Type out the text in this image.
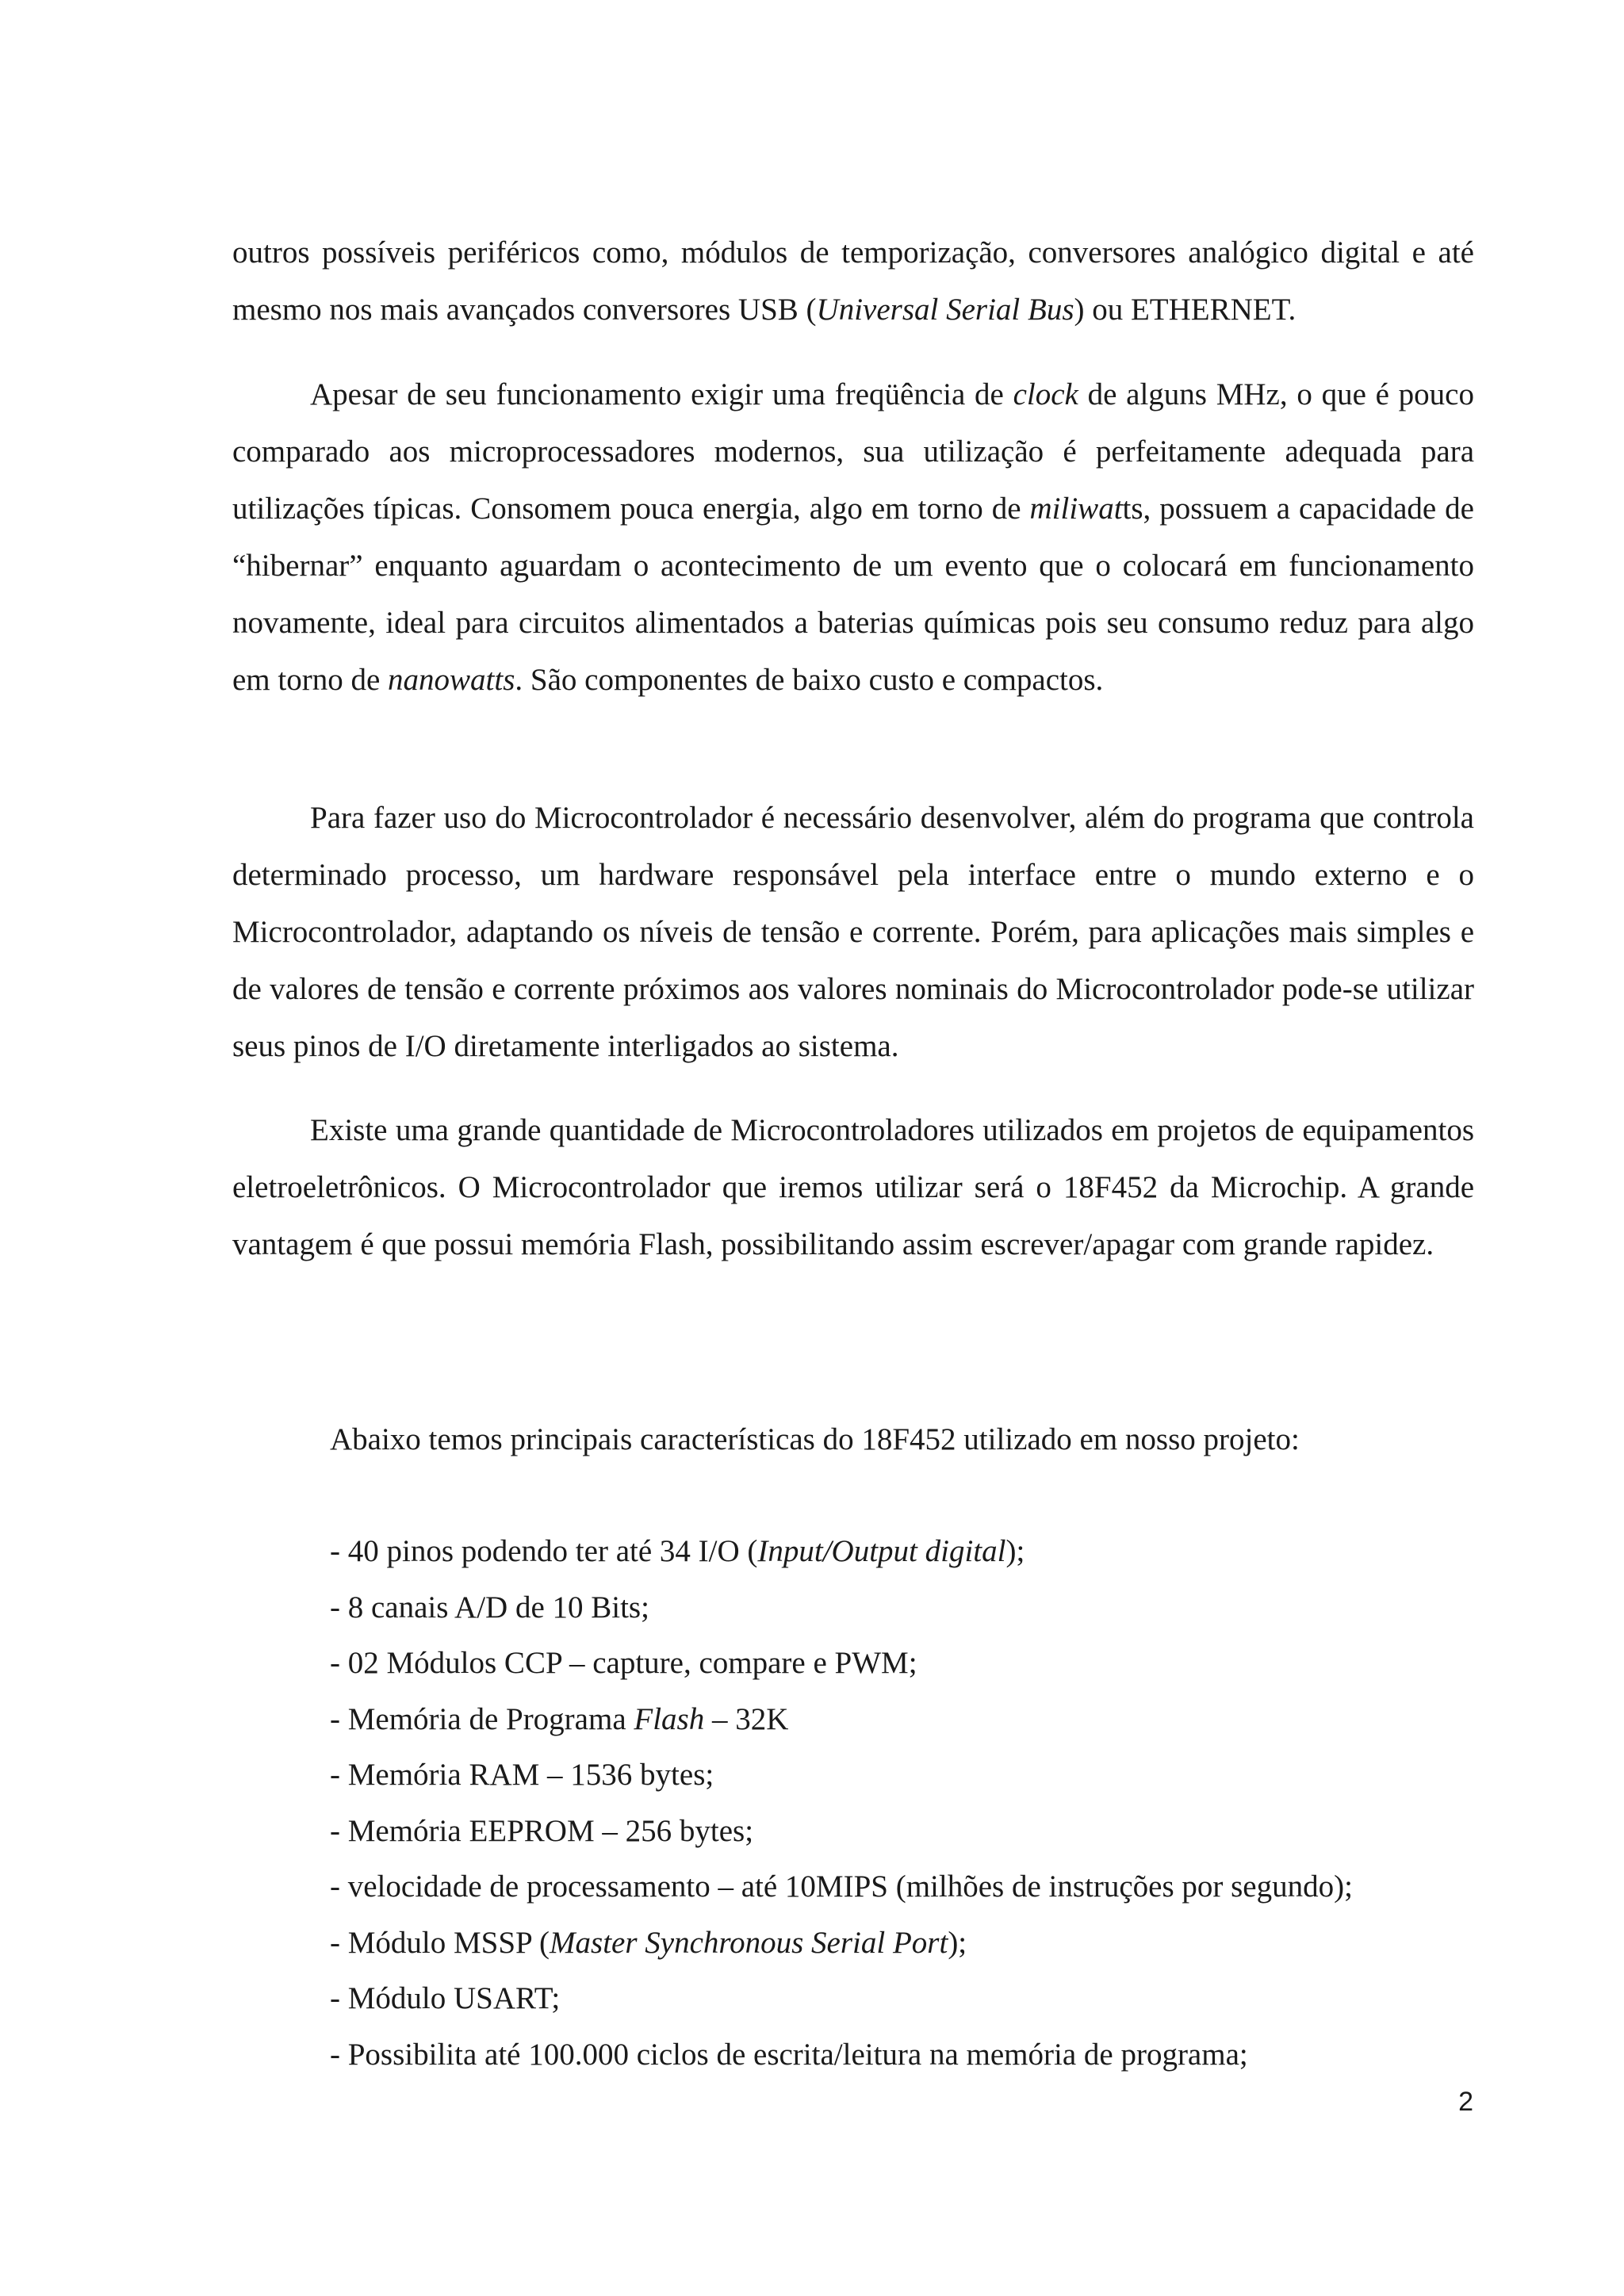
outros possíveis periféricos como, módulos de temporização, conversores analógico digital e até mesmo nos mais avançados conversores USB (Universal Serial Bus) ou ETHERNET.

Apesar de seu funcionamento exigir uma freqüência de clock de alguns MHz, o que é pouco comparado aos microprocessadores modernos, sua utilização é perfeitamente adequada para utilizações típicas. Consomem pouca energia, algo em torno de miliwatts, possuem a capacidade de “hibernar” enquanto aguardam o acontecimento de um evento que o colocará em funcionamento novamente, ideal para circuitos alimentados a baterias químicas pois seu consumo reduz para algo em torno de nanowatts. São componentes de baixo custo e compactos.

Para fazer uso do Microcontrolador é necessário desenvolver, além do programa que controla determinado processo, um hardware responsável pela interface entre o mundo externo e o Microcontrolador, adaptando os níveis de tensão e corrente. Porém, para aplicações mais simples e de valores de tensão e corrente próximos aos valores nominais do Microcontrolador pode-se utilizar seus pinos de I/O diretamente interligados ao sistema.

Existe uma grande quantidade de Microcontroladores utilizados em projetos de equipamentos eletroeletrônicos. O Microcontrolador que iremos utilizar será o 18F452 da Microchip. A grande vantagem é que possui memória Flash, possibilitando assim escrever/apagar com grande rapidez.

Abaixo temos principais características do 18F452 utilizado em nosso projeto:

- 40 pinos podendo ter até 34 I/O (Input/Output digital);
- 8 canais A/D de 10 Bits;
- 02 Módulos CCP – capture, compare e PWM;
- Memória de Programa Flash – 32K
- Memória RAM – 1536 bytes;
- Memória EEPROM – 256 bytes;
- velocidade de processamento – até 10MIPS (milhões de instruções por segundo);
- Módulo MSSP (Master Synchronous Serial Port);
- Módulo USART;
- Possibilita até 100.000 ciclos de escrita/leitura na memória de programa;
2
